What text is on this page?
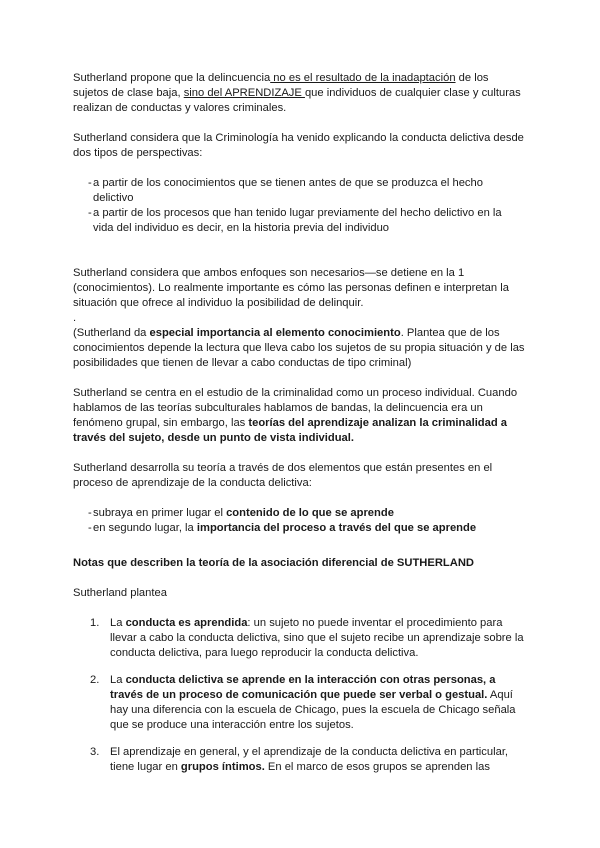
Sutherland propone que la delincuencia no es el resultado de la inadaptación de los sujetos de clase baja, sino del APRENDIZAJE que individuos de cualquier clase y culturas realizan de conductas y valores criminales.

Sutherland considera que la Criminología ha venido explicando la conducta delictiva desde dos tipos de perspectivas:

- a partir de los conocimientos que se tienen antes de que se produzca el hecho delictivo
- a partir de los procesos que han tenido lugar previamente del hecho delictivo en la vida del individuo es decir, en la historia previa del individuo

Sutherland considera que ambos enfoques son necesarios—se detiene en la 1 (conocimientos). Lo realmente importante es cómo las personas definen e interpretan la situación que ofrece al individuo la posibilidad de delinquir.

.

(Sutherland da especial importancia al elemento conocimiento. Plantea que de los conocimientos depende la lectura que lleva cabo los sujetos de su propia situación y de las posibilidades que tienen de llevar a cabo conductas de tipo criminal)

Sutherland se centra en el estudio de la criminalidad como un proceso individual. Cuando hablamos de las teorías subculturales hablamos de bandas, la delincuencia era un fenómeno grupal, sin embargo, las teorías del aprendizaje analizan la criminalidad a través del sujeto, desde un punto de vista individual.

Sutherland desarrolla su teoría a través de dos elementos que están presentes en el proceso de aprendizaje de la conducta delictiva:

- subraya en primer lugar el contenido de lo que se aprende
- en segundo lugar, la importancia del proceso a través del que se aprende

Notas que describen la teoría de la asociación diferencial de SUTHERLAND

Sutherland plantea

1. La conducta es aprendida: un sujeto no puede inventar el procedimiento para llevar a cabo la conducta delictiva, sino que el sujeto recibe un aprendizaje sobre la conducta delictiva, para luego reproducir la conducta delictiva.
2. La conducta delictiva se aprende en la interacción con otras personas, a través de un proceso de comunicación que puede ser verbal o gestual. Aquí hay una diferencia con la escuela de Chicago, pues la escuela de Chicago señala que se produce una interacción entre los sujetos.
3. El aprendizaje en general, y el aprendizaje de la conducta delictiva en particular, tiene lugar en grupos íntimos. En el marco de esos grupos se aprenden las
